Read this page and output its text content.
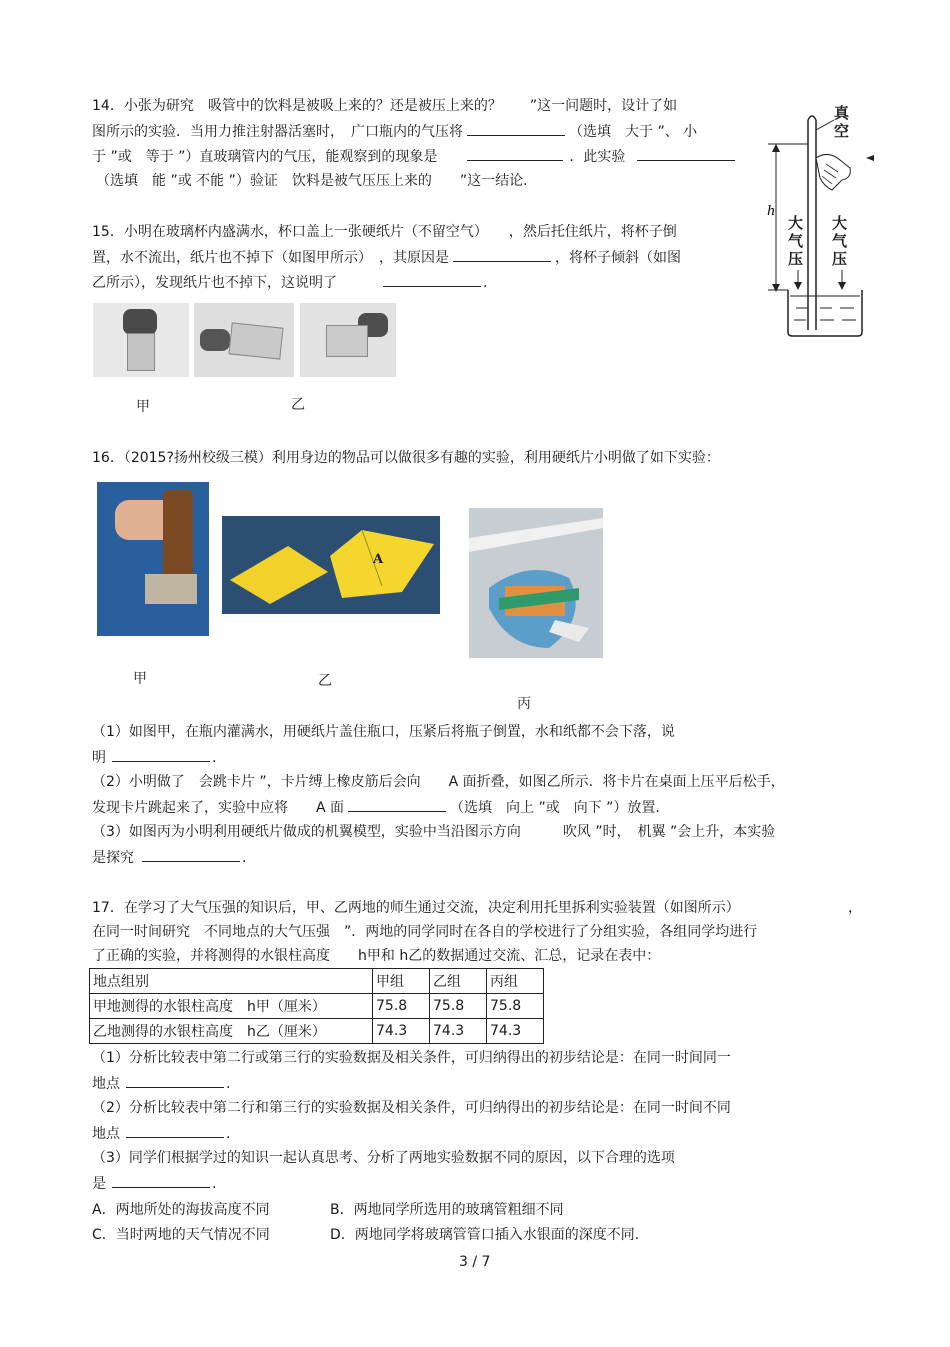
14．小张为研究　吸管中的饮料是被吸上来的？还是被压上来的？　　”这一问题时，设计了如
图所示的实验．当用力推注射器活塞时，　广口瓶内的气压将	（选填　大于 ”、 小
于 ”或　等于 ”）直玻璃管内的气压，能观察到的现象是	．此实验
（选填　能 ”或 不能 ”）验证　饮料是被气压压上来的　　”这一结论.
h
真空
大气压
大气压
15．小明在玻璃杯内盛满水，杯口盖上一张硬纸片（不留空气）　　，然后托住纸片，将杯子倒
置，水不流出，纸片也不掉下（如图甲所示）　，其原因是	，将杯子倾斜（如图
乙所示），发现纸片也不掉下，这说明了	.
甲	乙
16．（2015?扬州校级三模）利用身边的物品可以做很多有趣的实验，利用硬纸片小明做了如下实验：
A
甲	乙
丙
（1）如图甲，在瓶内灌满水，用硬纸片盖住瓶口，压紧后将瓶子倒置，水和纸都不会下落，说
明	.
（2）小明做了　会跳卡片 ”，卡片缚上橡皮筋后会向　　A 面折叠，如图乙所示．将卡片在桌面上压平后松手，
发现卡片跳起来了，实验中应将　　A 面	（选填　向上 ”或　向下 ”）放置.
（3）如图丙为小明利用硬纸片做成的机翼模型，实验中当沿图示方向　　　吹风 ”时，　机翼 ”会上升，本实验
是探究	.
17．在学习了大气压强的知识后，甲、乙两地的师生通过交流，决定利用托里拆利实验装置（如图所示）	，
在同一时间研究　不同地点的大气压强　”．两地的同学同时在各自的学校进行了分组实验，各组同学均进行
了正确的实验，并将测得的水银柱高度　　h甲和 h乙的数据通过交流、汇总，记录在表中：
地点组别	甲组	乙组	丙组
甲地测得的水银柱高度　h甲（厘米）	75.8	75.8	75.8
乙地测得的水银柱高度　h乙（厘米）	74.3	74.3	74.3
（1）分析比较表中第二行或第三行的实验数据及相关条件，可归纳得出的初步结论是：在同一时间同一
地点	.
（2）分析比较表中第二行和第三行的实验数据及相关条件，可归纳得出的初步结论是：在同一时间不同
地点	.
（3）同学们根据学过的知识一起认真思考、分析了两地实验数据不同的原因，以下合理的选项
是	.
A．两地所处的海拔高度不同	B．两地同学所选用的玻璃管粗细不同
C．当时两地的天气情况不同	D．两地同学将玻璃管管口插入水银面的深度不同.
3 / 7
